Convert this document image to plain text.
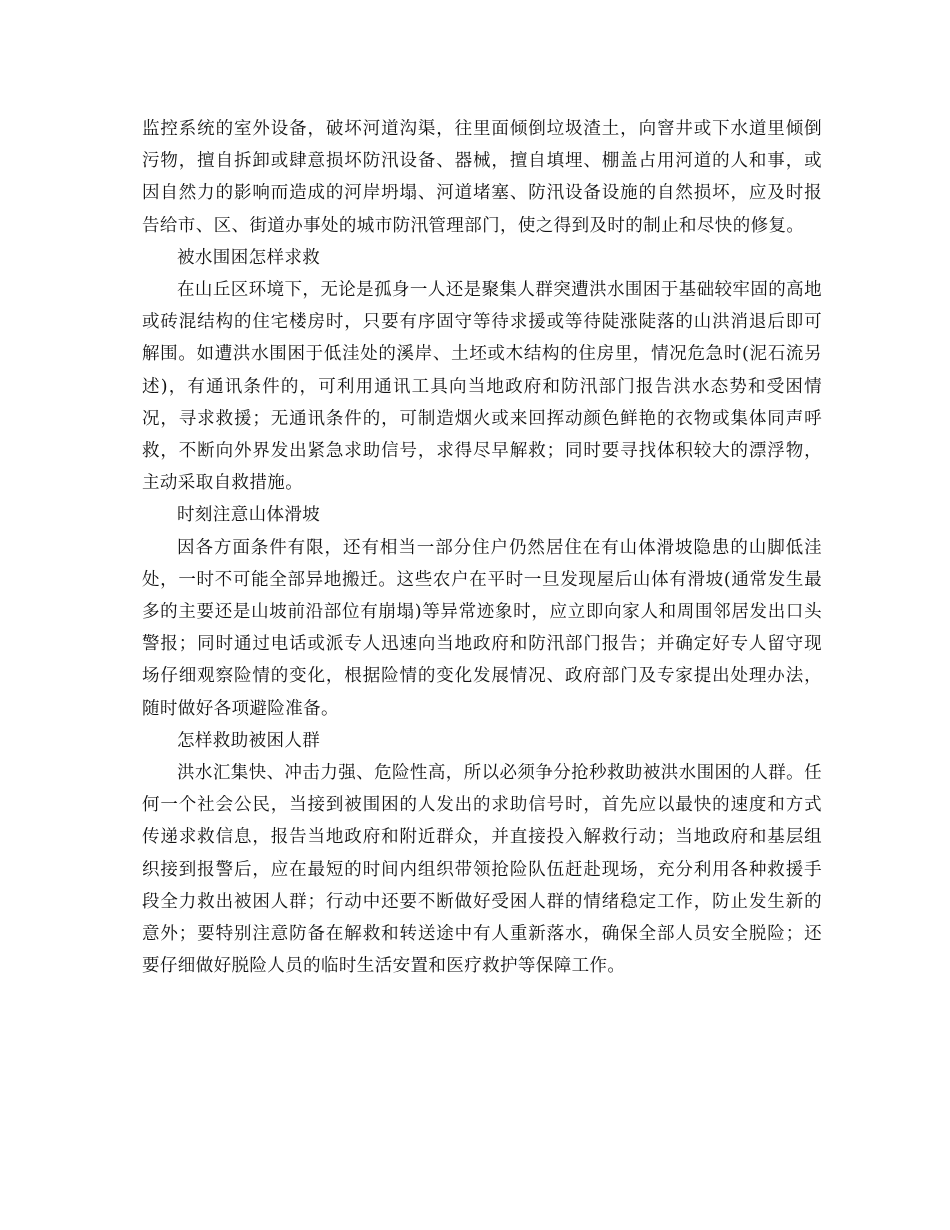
监控系统的室外设备，破坏河道沟渠，往里面倾倒垃圾渣土，向窨井或下水道里倾倒污物，擅自拆卸或肆意损坏防汛设备、器械，擅自填埋、棚盖占用河道的人和事，或因自然力的影响而造成的河岸坍塌、河道堵塞、防汛设备设施的自然损坏，应及时报告给市、区、街道办事处的城市防汛管理部门，使之得到及时的制止和尽快的修复。

被水围困怎样求救

在山丘区环境下，无论是孤身一人还是聚集人群突遭洪水围困于基础较牢固的高地或砖混结构的住宅楼房时，只要有序固守等待求援或等待陡涨陡落的山洪消退后即可解围。如遭洪水围困于低洼处的溪岸、土坯或木结构的住房里，情况危急时(泥石流另述)，有通讯条件的，可利用通讯工具向当地政府和防汛部门报告洪水态势和受困情况，寻求救援；无通讯条件的，可制造烟火或来回挥动颜色鲜艳的衣物或集体同声呼救，不断向外界发出紧急求助信号，求得尽早解救；同时要寻找体积较大的漂浮物，主动采取自救措施。

时刻注意山体滑坡

因各方面条件有限，还有相当一部分住户仍然居住在有山体滑坡隐患的山脚低洼处，一时不可能全部异地搬迁。这些农户在平时一旦发现屋后山体有滑坡(通常发生最多的主要还是山坡前沿部位有崩塌)等异常迹象时，应立即向家人和周围邻居发出口头警报；同时通过电话或派专人迅速向当地政府和防汛部门报告；并确定好专人留守现场仔细观察险情的变化，根据险情的变化发展情况、政府部门及专家提出处理办法，随时做好各项避险准备。

怎样救助被困人群

洪水汇集快、冲击力强、危险性高，所以必须争分抢秒救助被洪水围困的人群。任何一个社会公民，当接到被围困的人发出的求助信号时，首先应以最快的速度和方式传递求救信息，报告当地政府和附近群众，并直接投入解救行动；当地政府和基层组织接到报警后，应在最短的时间内组织带领抢险队伍赶赴现场，充分利用各种救援手段全力救出被困人群；行动中还要不断做好受困人群的情绪稳定工作，防止发生新的意外；要特别注意防备在解救和转送途中有人重新落水，确保全部人员安全脱险；还要仔细做好脱险人员的临时生活安置和医疗救护等保障工作。
